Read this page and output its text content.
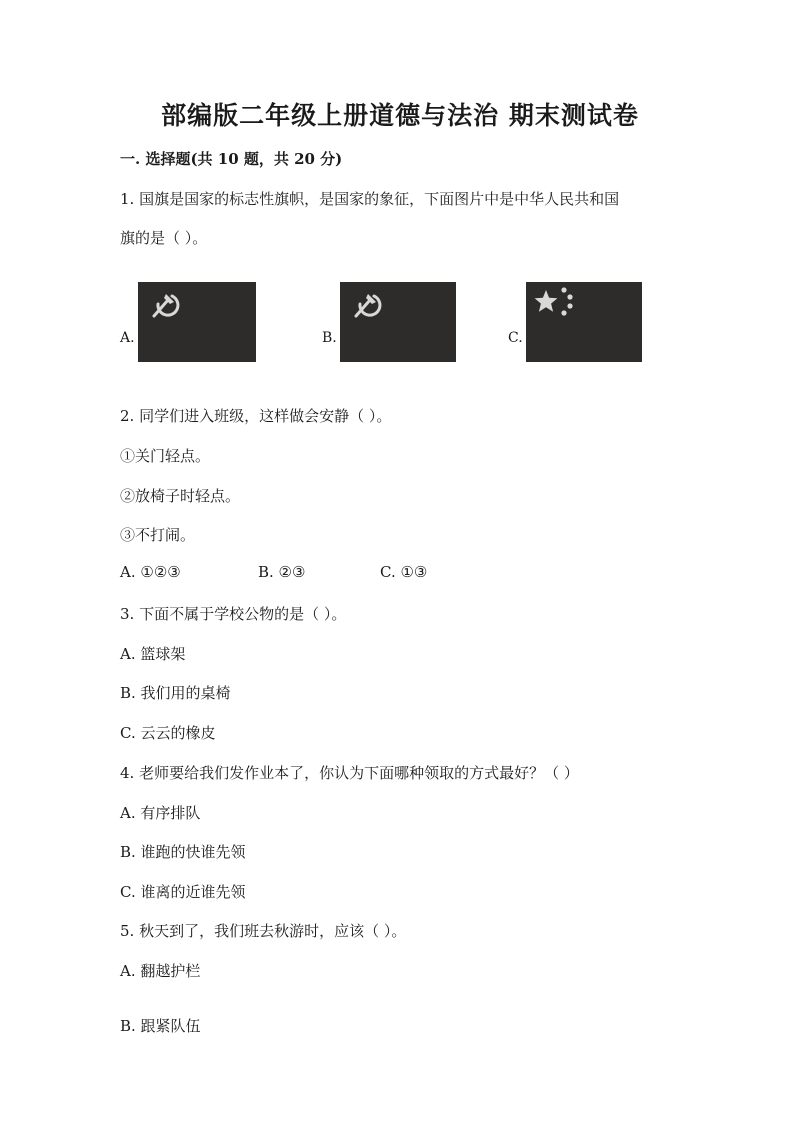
部编版二年级上册道德与法治 期末测试卷

一. 选择题(共 10 题，共 20 分)

1. 国旗是国家的标志性旗帜，是国家的象征，下面图片中是中华人民共和国

旗的是（ ）。

A.	B.	C.

2. 同学们进入班级，这样做会安静（ ）。

①关门轻点。

②放椅子时轻点。

③不打闹。

A. ①②③	B. ②③	C. ①③

3. 下面不属于学校公物的是（ ）。

A. 篮球架

B. 我们用的桌椅

C. 云云的橡皮

4. 老师要给我们发作业本了，你认为下面哪种领取的方式最好？（ ）

A. 有序排队

B. 谁跑的快谁先领

C. 谁离的近谁先领

5. 秋天到了，我们班去秋游时，应该（ ）。

A. 翻越护栏

B. 跟紧队伍
